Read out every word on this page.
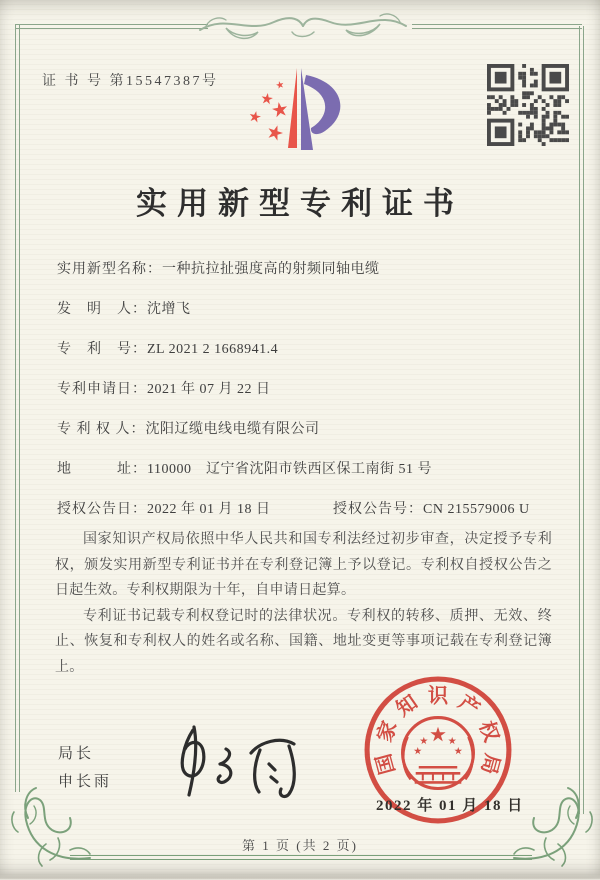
证 书 号 第15547387号
实用新型专利证书
实用新型名称：一种抗拉扯强度高的射频同轴电缆
发　明　人：沈增飞
专　利　号：ZL 2021 2 1668941.4
专利申请日：2021 年 07 月 22 日
专 利 权 人：沈阳辽缆电线电缆有限公司
地　　　址：110000　辽宁省沈阳市铁西区保工南街 51 号
授权公告日：2022 年 01 月 18 日	授权公告号：CN 215579006 U

国家知识产权局依照中华人民共和国专利法经过初步审查，决定授予专利权，颁发实用新型专利证书并在专利登记簿上予以登记。专利权自授权公告之日起生效。专利权期限为十年，自申请日起算。

专利证书记载专利权登记时的法律状况。专利权的转移、质押、无效、终止、恢复和专利权人的姓名或名称、国籍、地址变更等事项记载在专利登记簿上。

局长
申长雨
国
家
知 识 产
权
局
2022 年 01 月 18 日
第 1 页 (共 2 页)
